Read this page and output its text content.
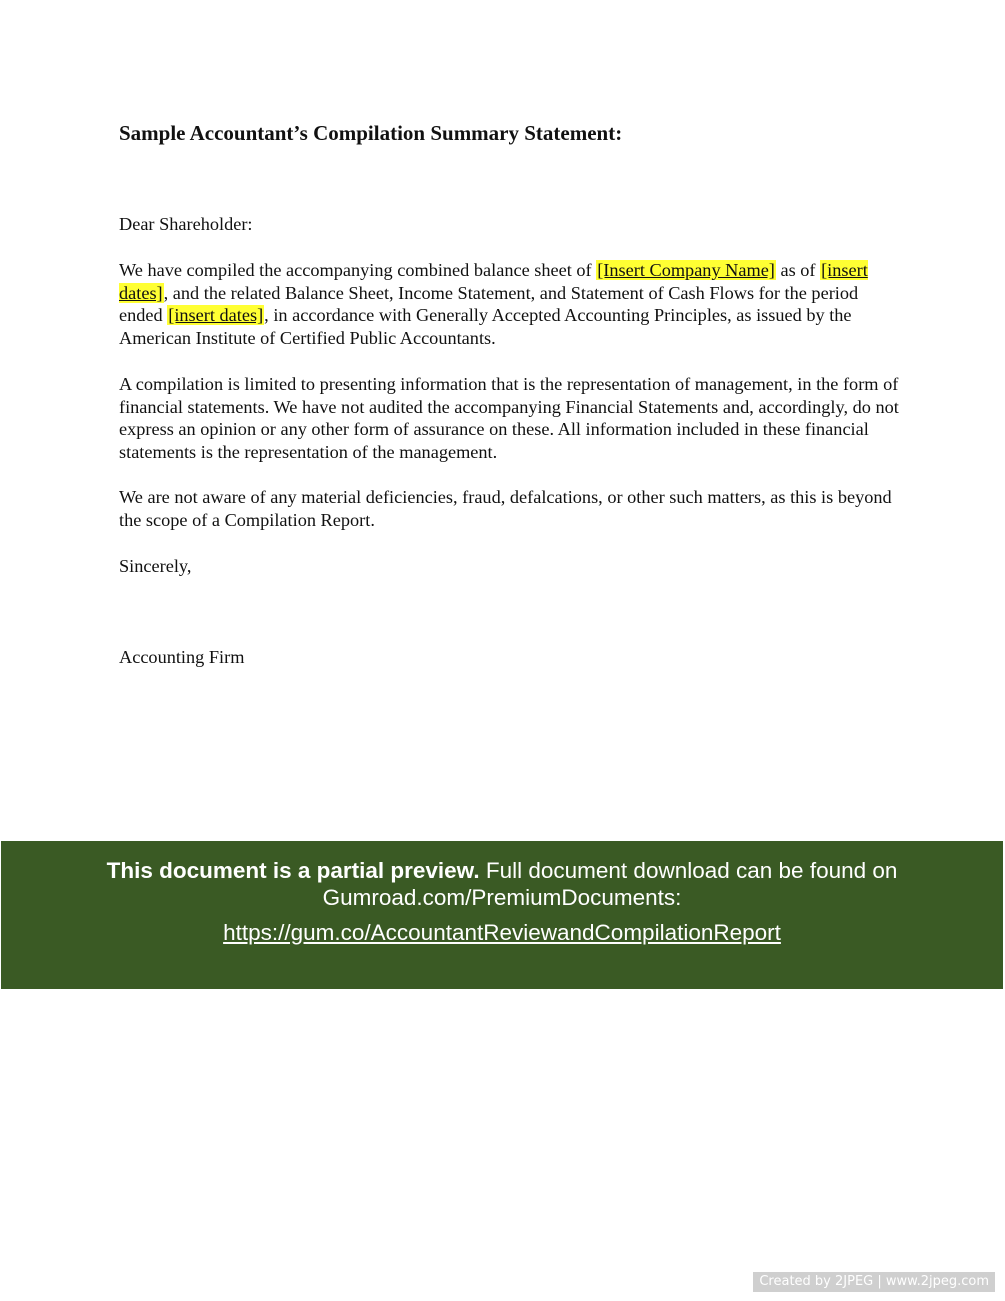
Sample Accountant’s Compilation Summary Statement:

Dear Shareholder:

We have compiled the accompanying combined balance sheet of [Insert Company Name] as of [insert dates], and the related Balance Sheet, Income Statement, and Statement of Cash Flows for the period ended [insert dates], in accordance with Generally Accepted Accounting Principles, as issued by the American Institute of Certified Public Accountants.

A compilation is limited to presenting information that is the representation of management, in the form of financial statements. We have not audited the accompanying Financial Statements and, accordingly, do not express an opinion or any other form of assurance on these. All information included in these financial statements is the representation of the management.

We are not aware of any material deficiencies, fraud, defalcations, or other such matters, as this is beyond the scope of a Compilation Report.

Sincerely,

Accounting Firm

This document is a partial preview. Full document download can be found on
Gumroad.com/PremiumDocuments:
https://gum.co/AccountantReviewandCompilationReport
Created by 2JPEG | www.2jpeg.com
